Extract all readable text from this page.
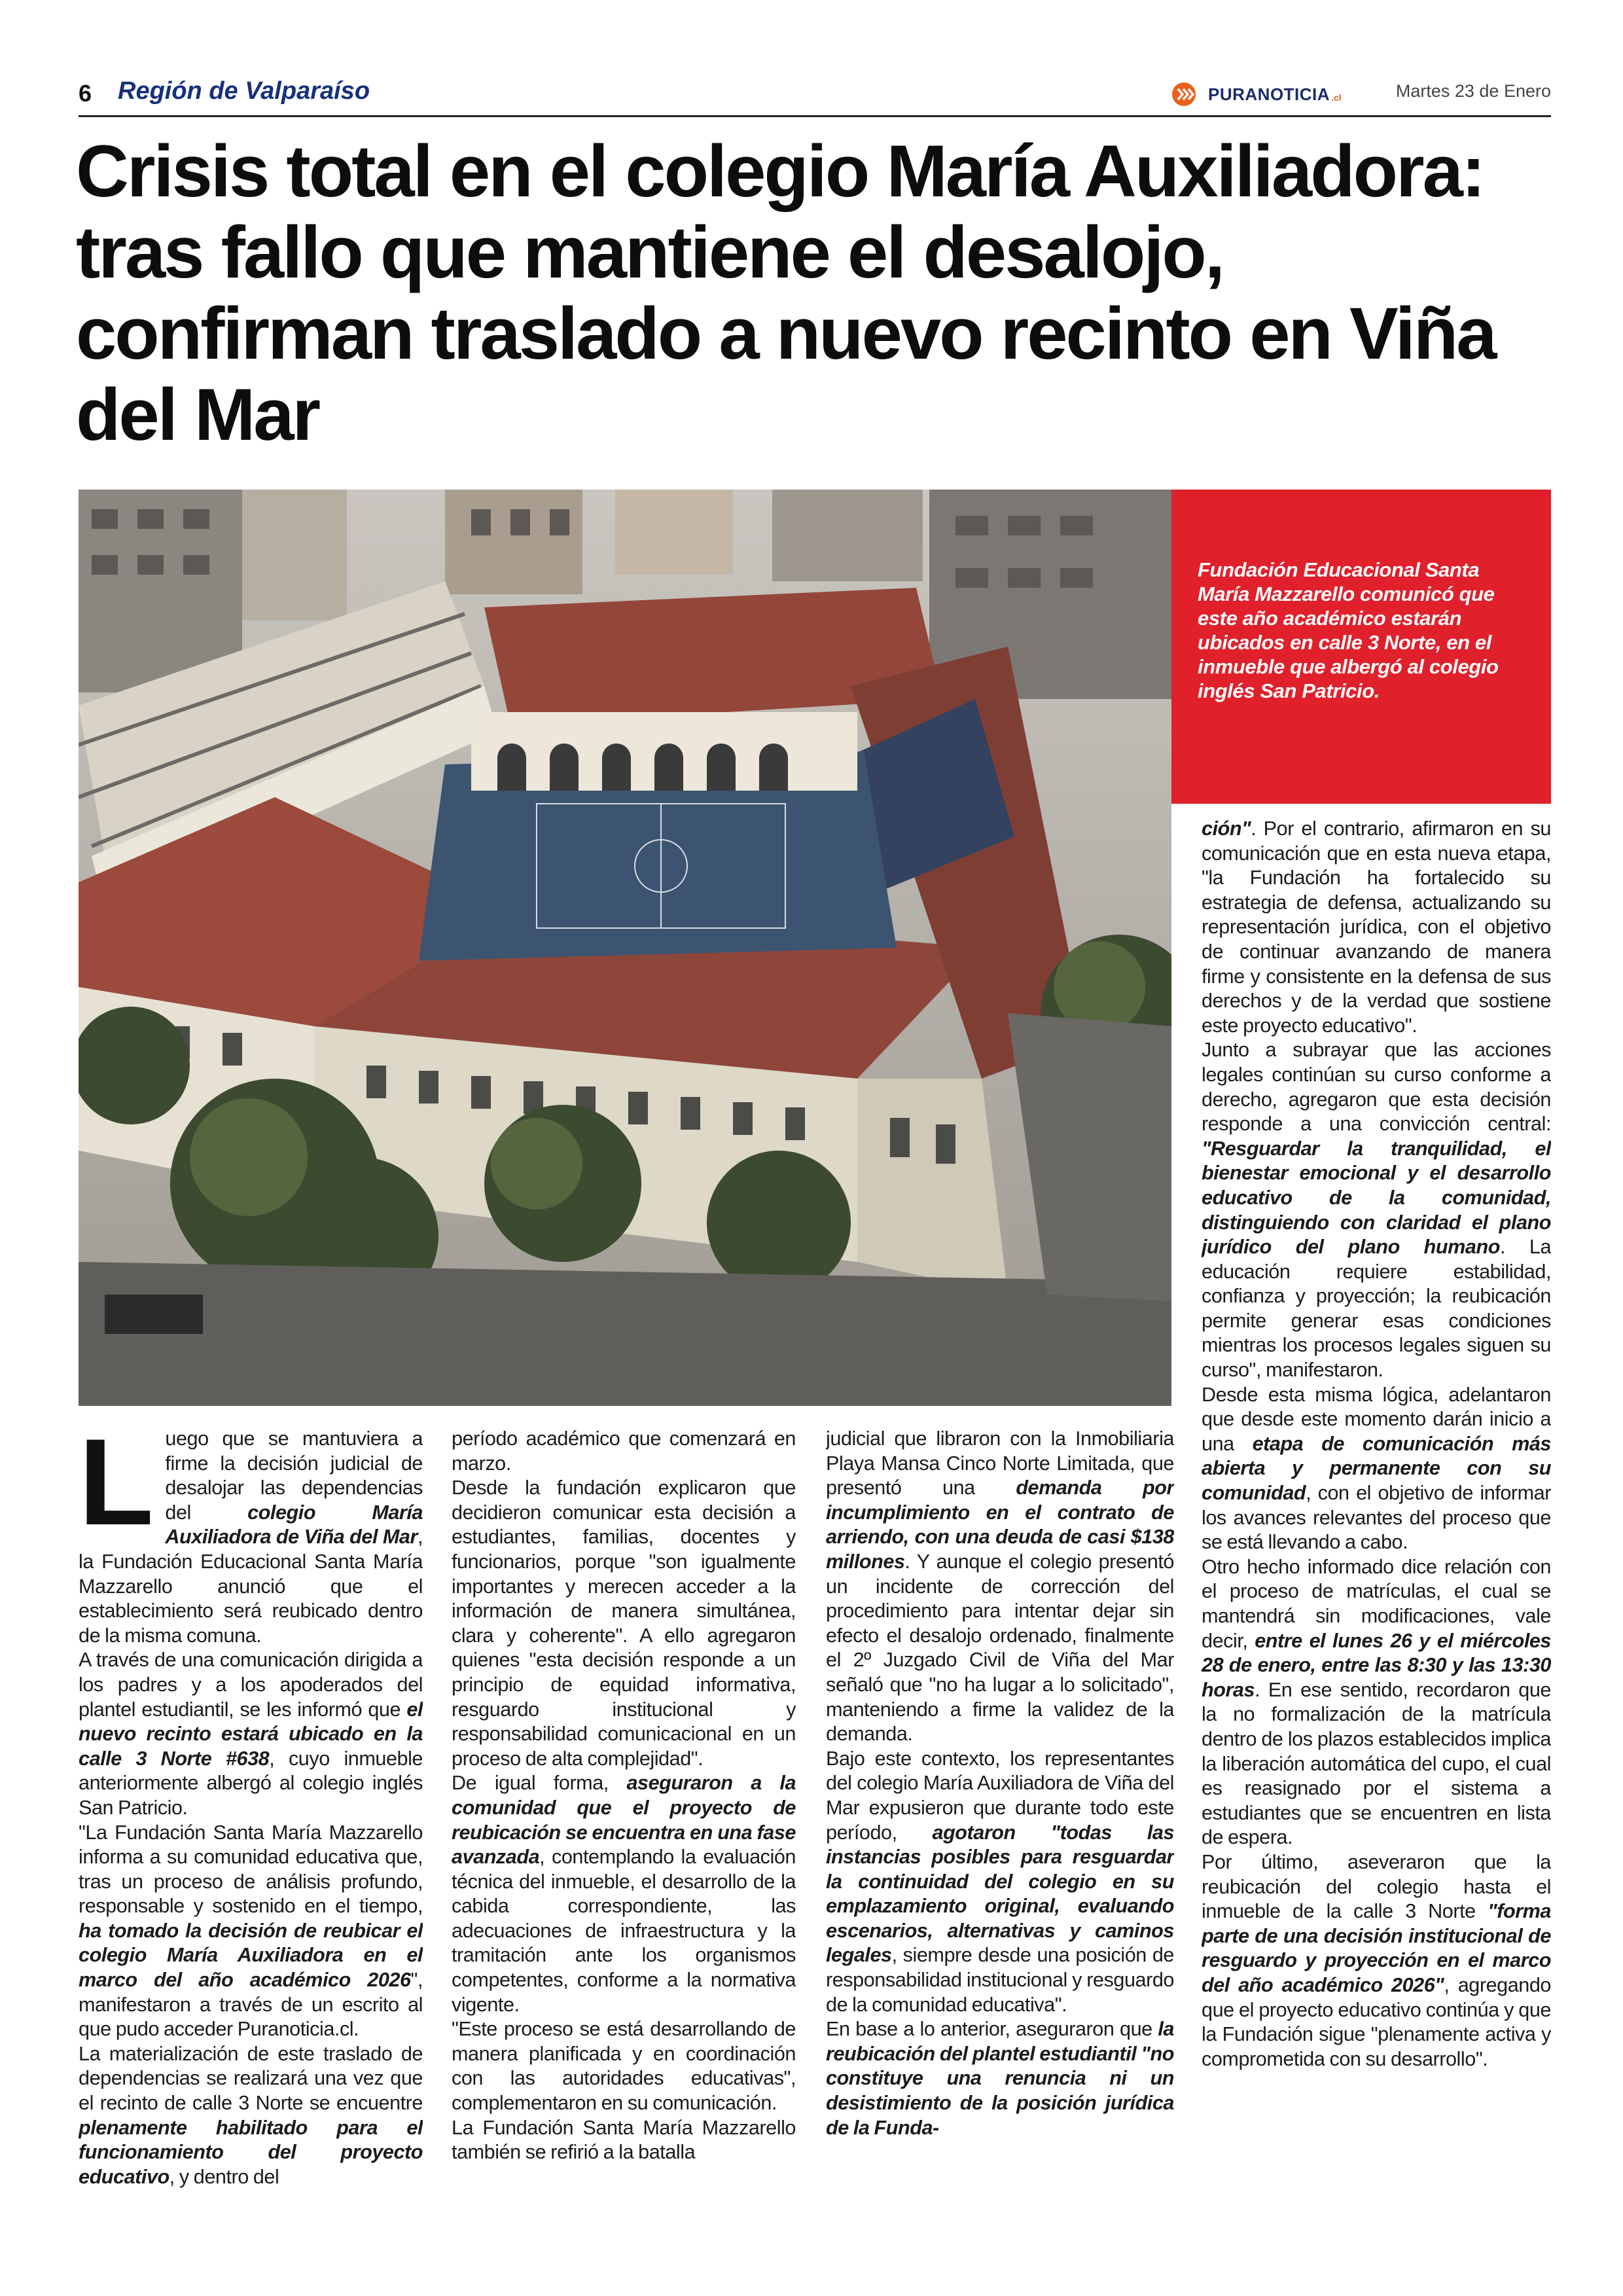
6 Región de Valparaíso	PURANOTICIA .cl	Martes 23 de Enero
Crisis total en el colegio María Auxiliadora: tras fallo que mantiene el desalojo, confirman traslado a nuevo recinto en Viña del Mar

Fundación Educacional Santa María Mazzarello comunicó que este año académico estarán ubicados en calle 3 Norte, en el inmueble que albergó al colegio inglés San Patricio.

L uego que se mantuviera a firme la decisión judicial de desalojar las dependencias del colegio María Auxiliadora de Viña del Mar, la Fundación Educacional Santa María Mazzarello anunció que el establecimiento será reubicado dentro de la misma comuna.

A través de una comunicación dirigida a los padres y a los apoderados del plantel estudiantil, se les informó que el nuevo recinto estará ubicado en la calle 3 Norte #638, cuyo inmueble anteriormente albergó al colegio inglés San Patricio.

"La Fundación Santa María Mazzarello informa a su comunidad educativa que, tras un proceso de análisis profundo, responsable y sostenido en el tiempo, ha tomado la decisión de reubicar el colegio María Auxiliadora en el marco del año académico 2026", manifestaron a través de un escrito al que pudo acceder Puranoticia.cl.

La materialización de este traslado de dependencias se realizará una vez que el recinto de calle 3 Norte se encuentre plenamente habilitado para el funcionamiento del proyecto educativo, y dentro del

período académico que comenzará en marzo.

Desde la fundación explicaron que decidieron comunicar esta decisión a estudiantes, familias, docentes y funcionarios, porque "son igualmente importantes y merecen acceder a la información de manera simultánea, clara y coherente". A ello agregaron quienes "esta decisión responde a un principio de equidad informativa, resguardo institucional y responsabilidad comunicacional en un proceso de alta complejidad".

De igual forma, aseguraron a la comunidad que el proyecto de reubicación se encuentra en una fase avanzada, contemplando la evaluación técnica del inmueble, el desarrollo de la cabida correspondiente, las adecuaciones de infraestructura y la tramitación ante los organismos competentes, conforme a la normativa vigente.

"Este proceso se está desarrollando de manera planificada y en coordinación con las autoridades educativas", complementaron en su comunicación.

La Fundación Santa María Mazzarello también se refirió a la batalla

judicial que libraron con la Inmobiliaria Playa Mansa Cinco Norte Limitada, que presentó una demanda por incumplimiento en el contrato de arriendo, con una deuda de casi $138 millones. Y aunque el colegio presentó un incidente de corrección del procedimiento para intentar dejar sin efecto el desalojo ordenado, finalmente el 2º Juzgado Civil de Viña del Mar señaló que "no ha lugar a lo solicitado", manteniendo a firme la validez de la demanda.

Bajo este contexto, los representantes del colegio María Auxiliadora de Viña del Mar expusieron que durante todo este período, agotaron "todas las instancias posibles para resguardar la continuidad del colegio en su emplazamiento original, evaluando escenarios, alternativas y caminos legales, siempre desde una posición de responsabilidad institucional y resguardo de la comunidad educativa".

En base a lo anterior, aseguraron que la reubicación del plantel estudiantil "no constituye una renuncia ni un desistimiento de la posición jurídica de la Funda-

ción". Por el contrario, afirmaron en su comunicación que en esta nueva etapa, "la Fundación ha fortalecido su estrategia de defensa, actualizando su representación jurídica, con el objetivo de continuar avanzando de manera firme y consistente en la defensa de sus derechos y de la verdad que sostiene este proyecto educativo".

Junto a subrayar que las acciones legales continúan su curso conforme a derecho, agregaron que esta decisión responde a una convicción central: "Resguardar la tranquilidad, el bienestar emocional y el desarrollo educativo de la comunidad, distinguiendo con claridad el plano jurídico del plano humano. La educación requiere estabilidad, confianza y proyección; la reubicación permite generar esas condiciones mientras los procesos legales siguen su curso", manifestaron.

Desde esta misma lógica, adelantaron que desde este momento darán inicio a una etapa de comunicación más abierta y permanente con su comunidad, con el objetivo de informar los avances relevantes del proceso que se está llevando a cabo.

Otro hecho informado dice relación con el proceso de matrículas, el cual se mantendrá sin modificaciones, vale decir, entre el lunes 26 y el miércoles 28 de enero, entre las 8:30 y las 13:30 horas. En ese sentido, recordaron que la no formalización de la matrícula dentro de los plazos establecidos implica la liberación automática del cupo, el cual es reasignado por el sistema a estudiantes que se encuentren en lista de espera.

Por último, aseveraron que la reubicación del colegio hasta el inmueble de la calle 3 Norte "forma parte de una decisión institucional de resguardo y proyección en el marco del año académico 2026", agregando que el proyecto educativo continúa y que la Fundación sigue "plenamente activa y comprometida con su desarrollo".
